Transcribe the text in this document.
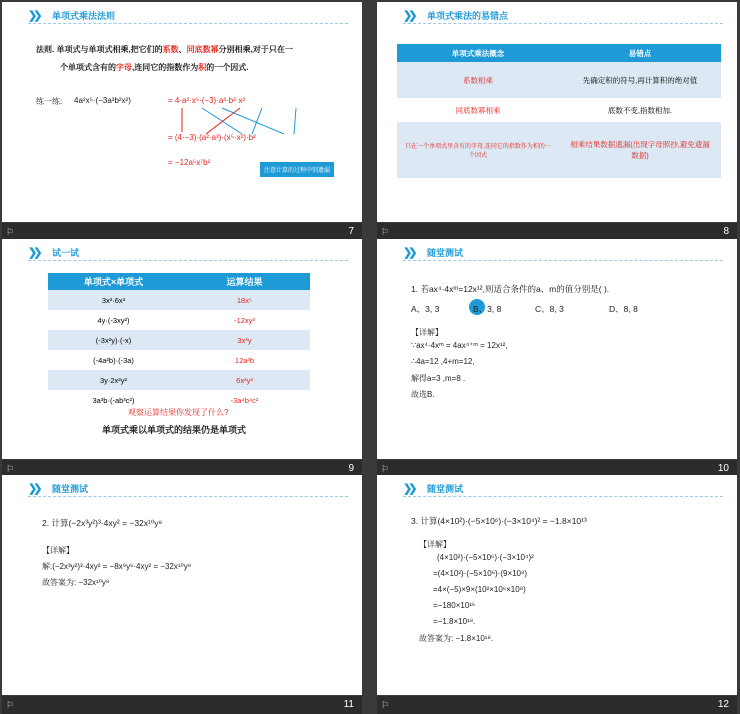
❯❯	单项式乘法法则
法则. 单项式与单项式相乘,把它们的系数、同底数幂分别相乘,对于只在一
个单项式含有的字母,连同它的指数作为积的一个因式.
练一练: 4a²x⁵·(−3a³b²x²)	= 4·a²·x⁵·(−3)·a³·b²·x²
= (4·−3)·(a²·a³)·(x⁵·x²)·b²
= −12a⁵x⁷b²
注意计算的过程中别遗漏
⚐	7
❯❯	单项式乘法的易错点
单项式乘法概念	易错点
系数相乘	先确定积的符号,再计算积的绝对值
同底数幂相乘	底数不变,指数相加.
只在一个单项式里含有的字母,连同它的指数作为积的一个因式	相乘结果数据遗漏(出现字母照抄,避免遗漏数据)
⚐	8
❯❯	试一试
单项式×单项式	运算结果
3x²·6x³	18x⁵
4y·(-3xy²)	-12xy³
(-3x²y)·(-x)	3x³y
(-4a²b)·(-3a)	12a³b
3y·2x²y²	6x²y³
3a³b·(-ab³c²)	-3a⁴b⁴c²
观察运算结果你发现了什么?
单项式乘以单项式的结果仍是单项式
⚐	9
❯❯	随堂测试
1. 若ax⁴·4xᵐ=12x¹²,则适合条件的a、m的值分别是( ).
A、3, 3	B、3, 8	C、8, 3	D、8, 8
【详解】
∵ax⁴·4xᵐ = 4ax⁴⁺ᵐ = 12x¹²,
∴4a=12 ,4+m=12,
解得a=3 ,m=8 .
故选B.
⚐	10
❯❯	随堂测试
2. 计算(−2x³y²)³·4xy² = −32x¹⁰y⁸
【详解】
解:(−2x³y²)³·4xy² = −8x⁹y⁶·4xy² = −32x¹⁰y⁸
故答案为: −32x¹⁰y⁸
⚐	11
❯❯	随堂测试
3. 计算(4×10²)·(−5×10⁶)·(−3×10⁴)² = −1.8×10¹³
【详解】
(4×10²)·(−5×10⁶)·(−3×10⁴)²
=(4×10²)·(−5×10⁶)·(9×10⁸)
=4×(−5)×9×(10²×10⁶×10⁸)
=−180×10¹⁶
=−1.8×10¹⁸.
故答案为: −1.8×10¹⁸.
⚐	12
